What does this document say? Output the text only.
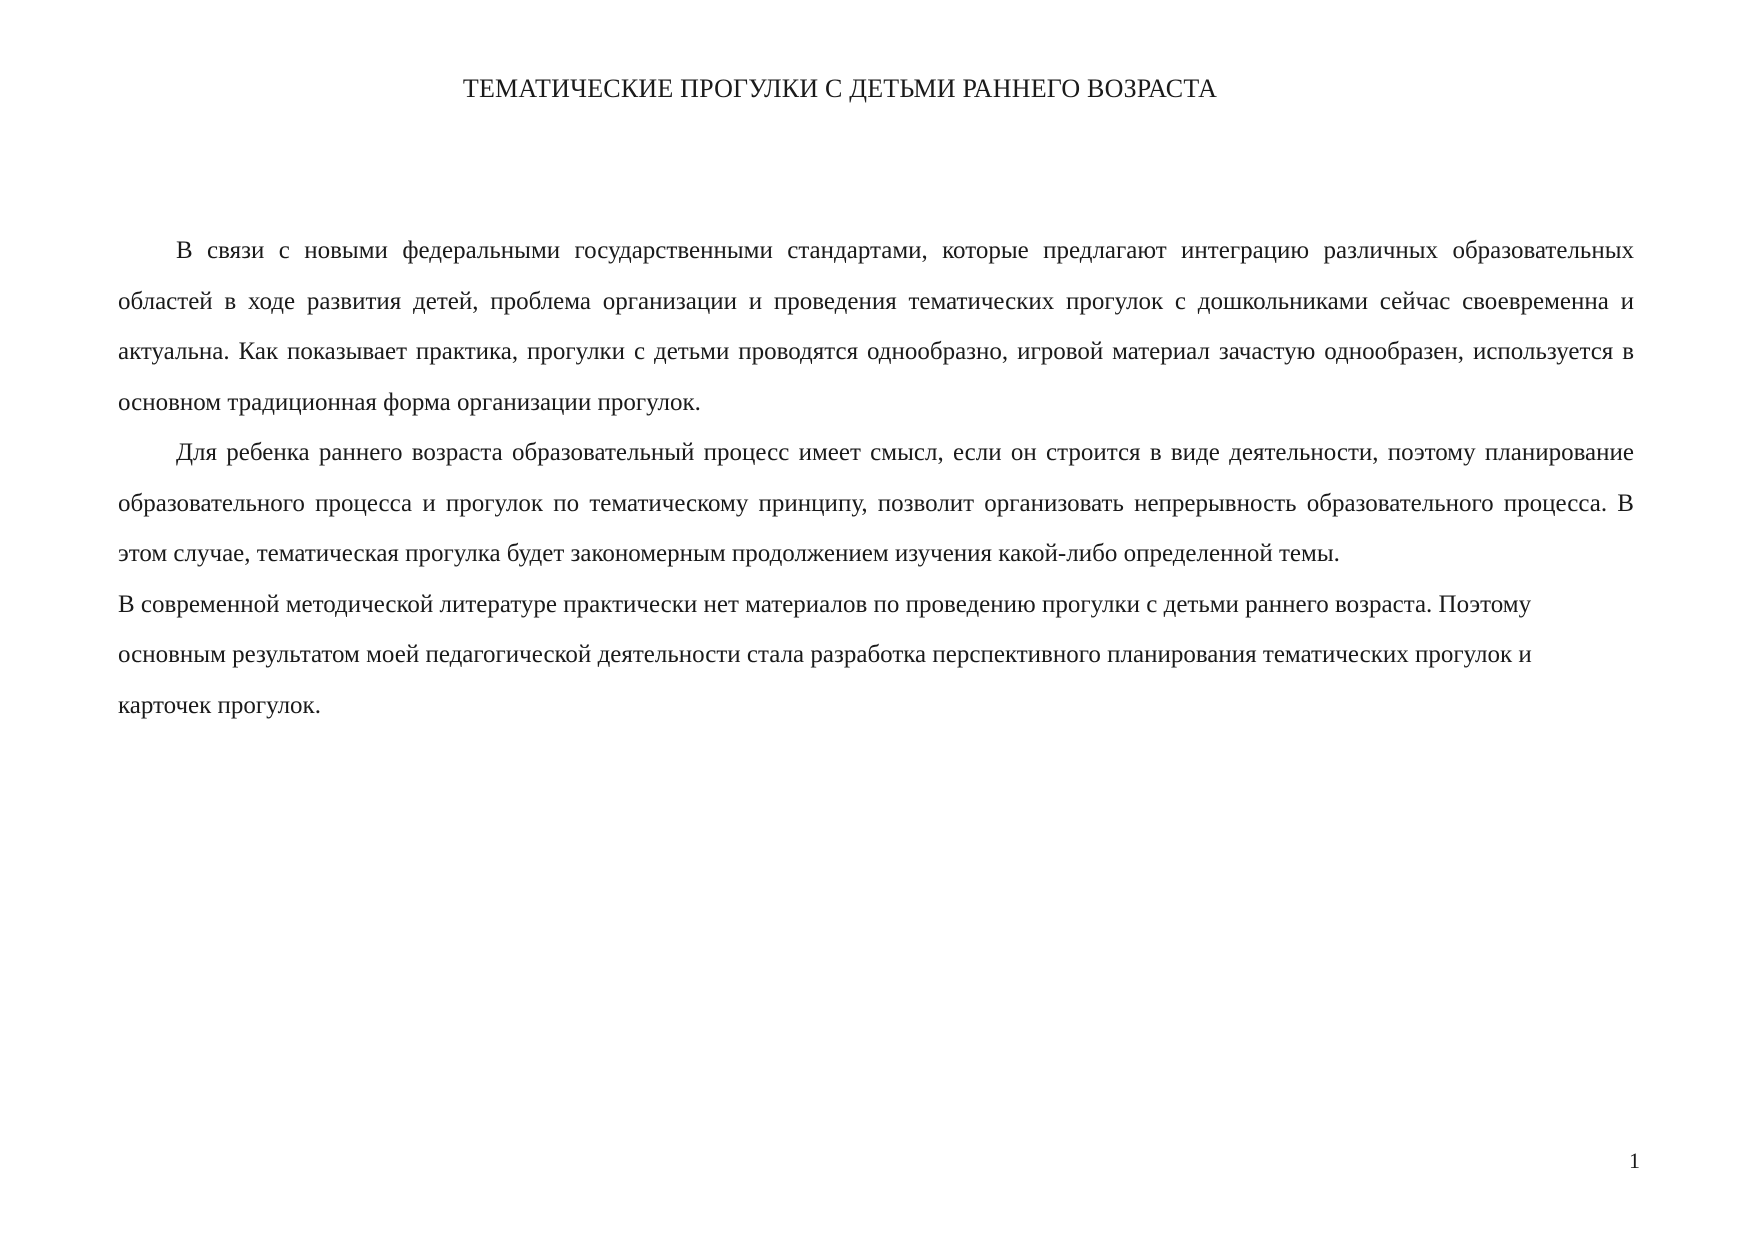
ТЕМАТИЧЕСКИЕ ПРОГУЛКИ С ДЕТЬМИ РАННЕГО ВОЗРАСТА

В связи с новыми федеральными государственными стандартами, которые предлагают интеграцию различных образовательных областей в ходе развития детей, проблема организации и проведения тематических прогулок с дошкольниками сейчас своевременна и актуальна. Как показывает практика, прогулки с детьми проводятся однообразно, игровой материал зачастую однообразен, используется в основном традиционная форма организации прогулок.

Для ребенка раннего возраста образовательный процесс имеет смысл, если он строится в виде деятельности, поэтому планирование образовательного процесса и прогулок по тематическому принципу, позволит организовать непрерывность образовательного процесса. В этом случае, тематическая прогулка будет закономерным продолжением изучения какой-либо определенной темы.

В современной методической литературе практически нет материалов по проведению прогулки с детьми раннего возраста. Поэтому основным результатом моей педагогической деятельности стала разработка перспективного планирования тематических прогулок и карточек прогулок.

1
